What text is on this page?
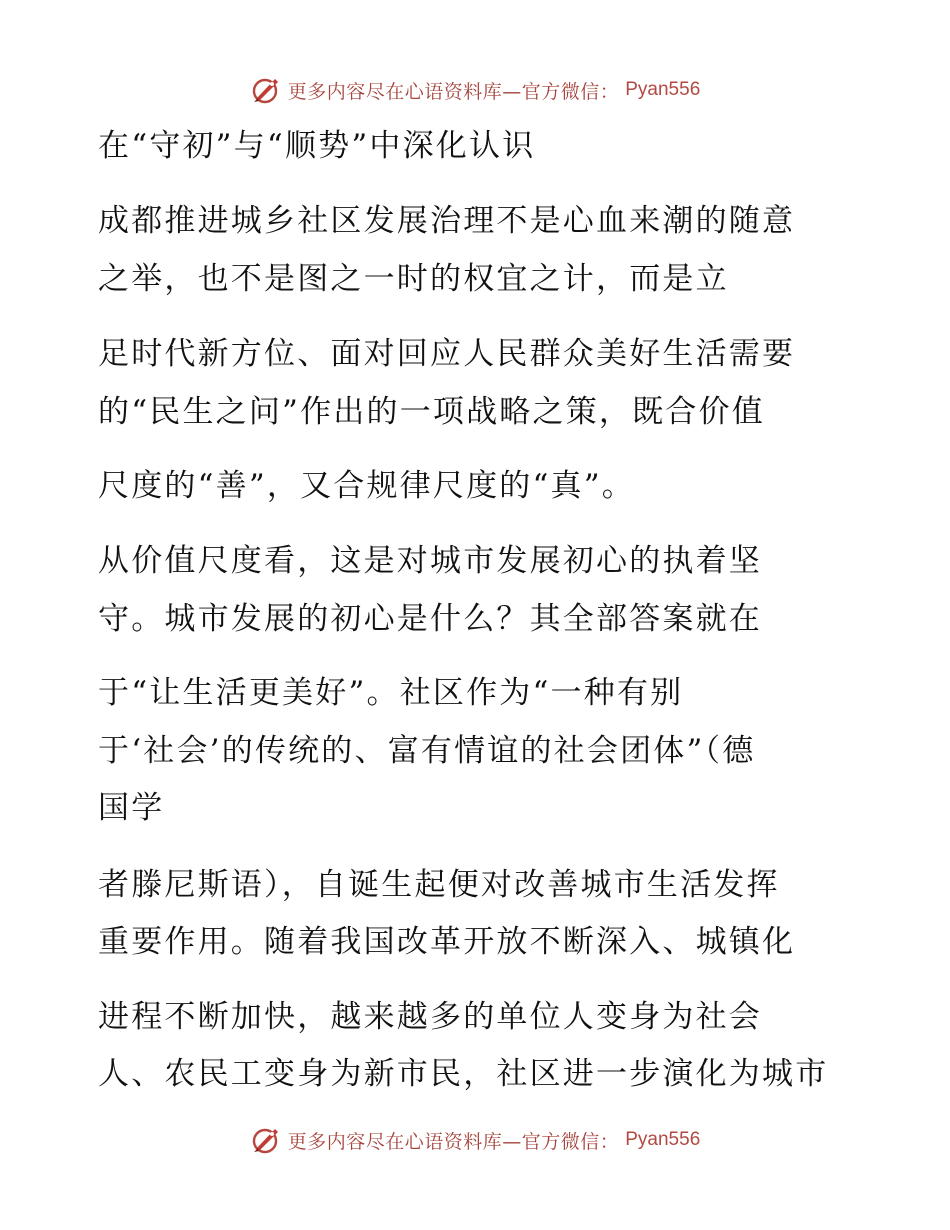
更多内容尽在心语资料库—官方微信： Pyan556
在“守初”与“顺势”中深化认识
成都推进城乡社区发展治理不是心血来潮的随意
之举，也不是图之一时的权宜之计，而是立
足时代新方位、面对回应人民群众美好生活需要
的“民生之问”作出的一项战略之策，既合价值
尺度的“善”，又合规律尺度的“真”。
从价值尺度看，这是对城市发展初心的执着坚
守。城市发展的初心是什么？其全部答案就在
于“让生活更美好”。社区作为“一种有别
于‘社会’的传统的、富有情谊的社会团体”（德
国学
者滕尼斯语），自诞生起便对改善城市生活发挥
重要作用。随着我国改革开放不断深入、城镇化
进程不断加快，越来越多的单位人变身为社会
人、农民工变身为新市民，社区进一步演化为城市
更多内容尽在心语资料库—官方微信： Pyan556
